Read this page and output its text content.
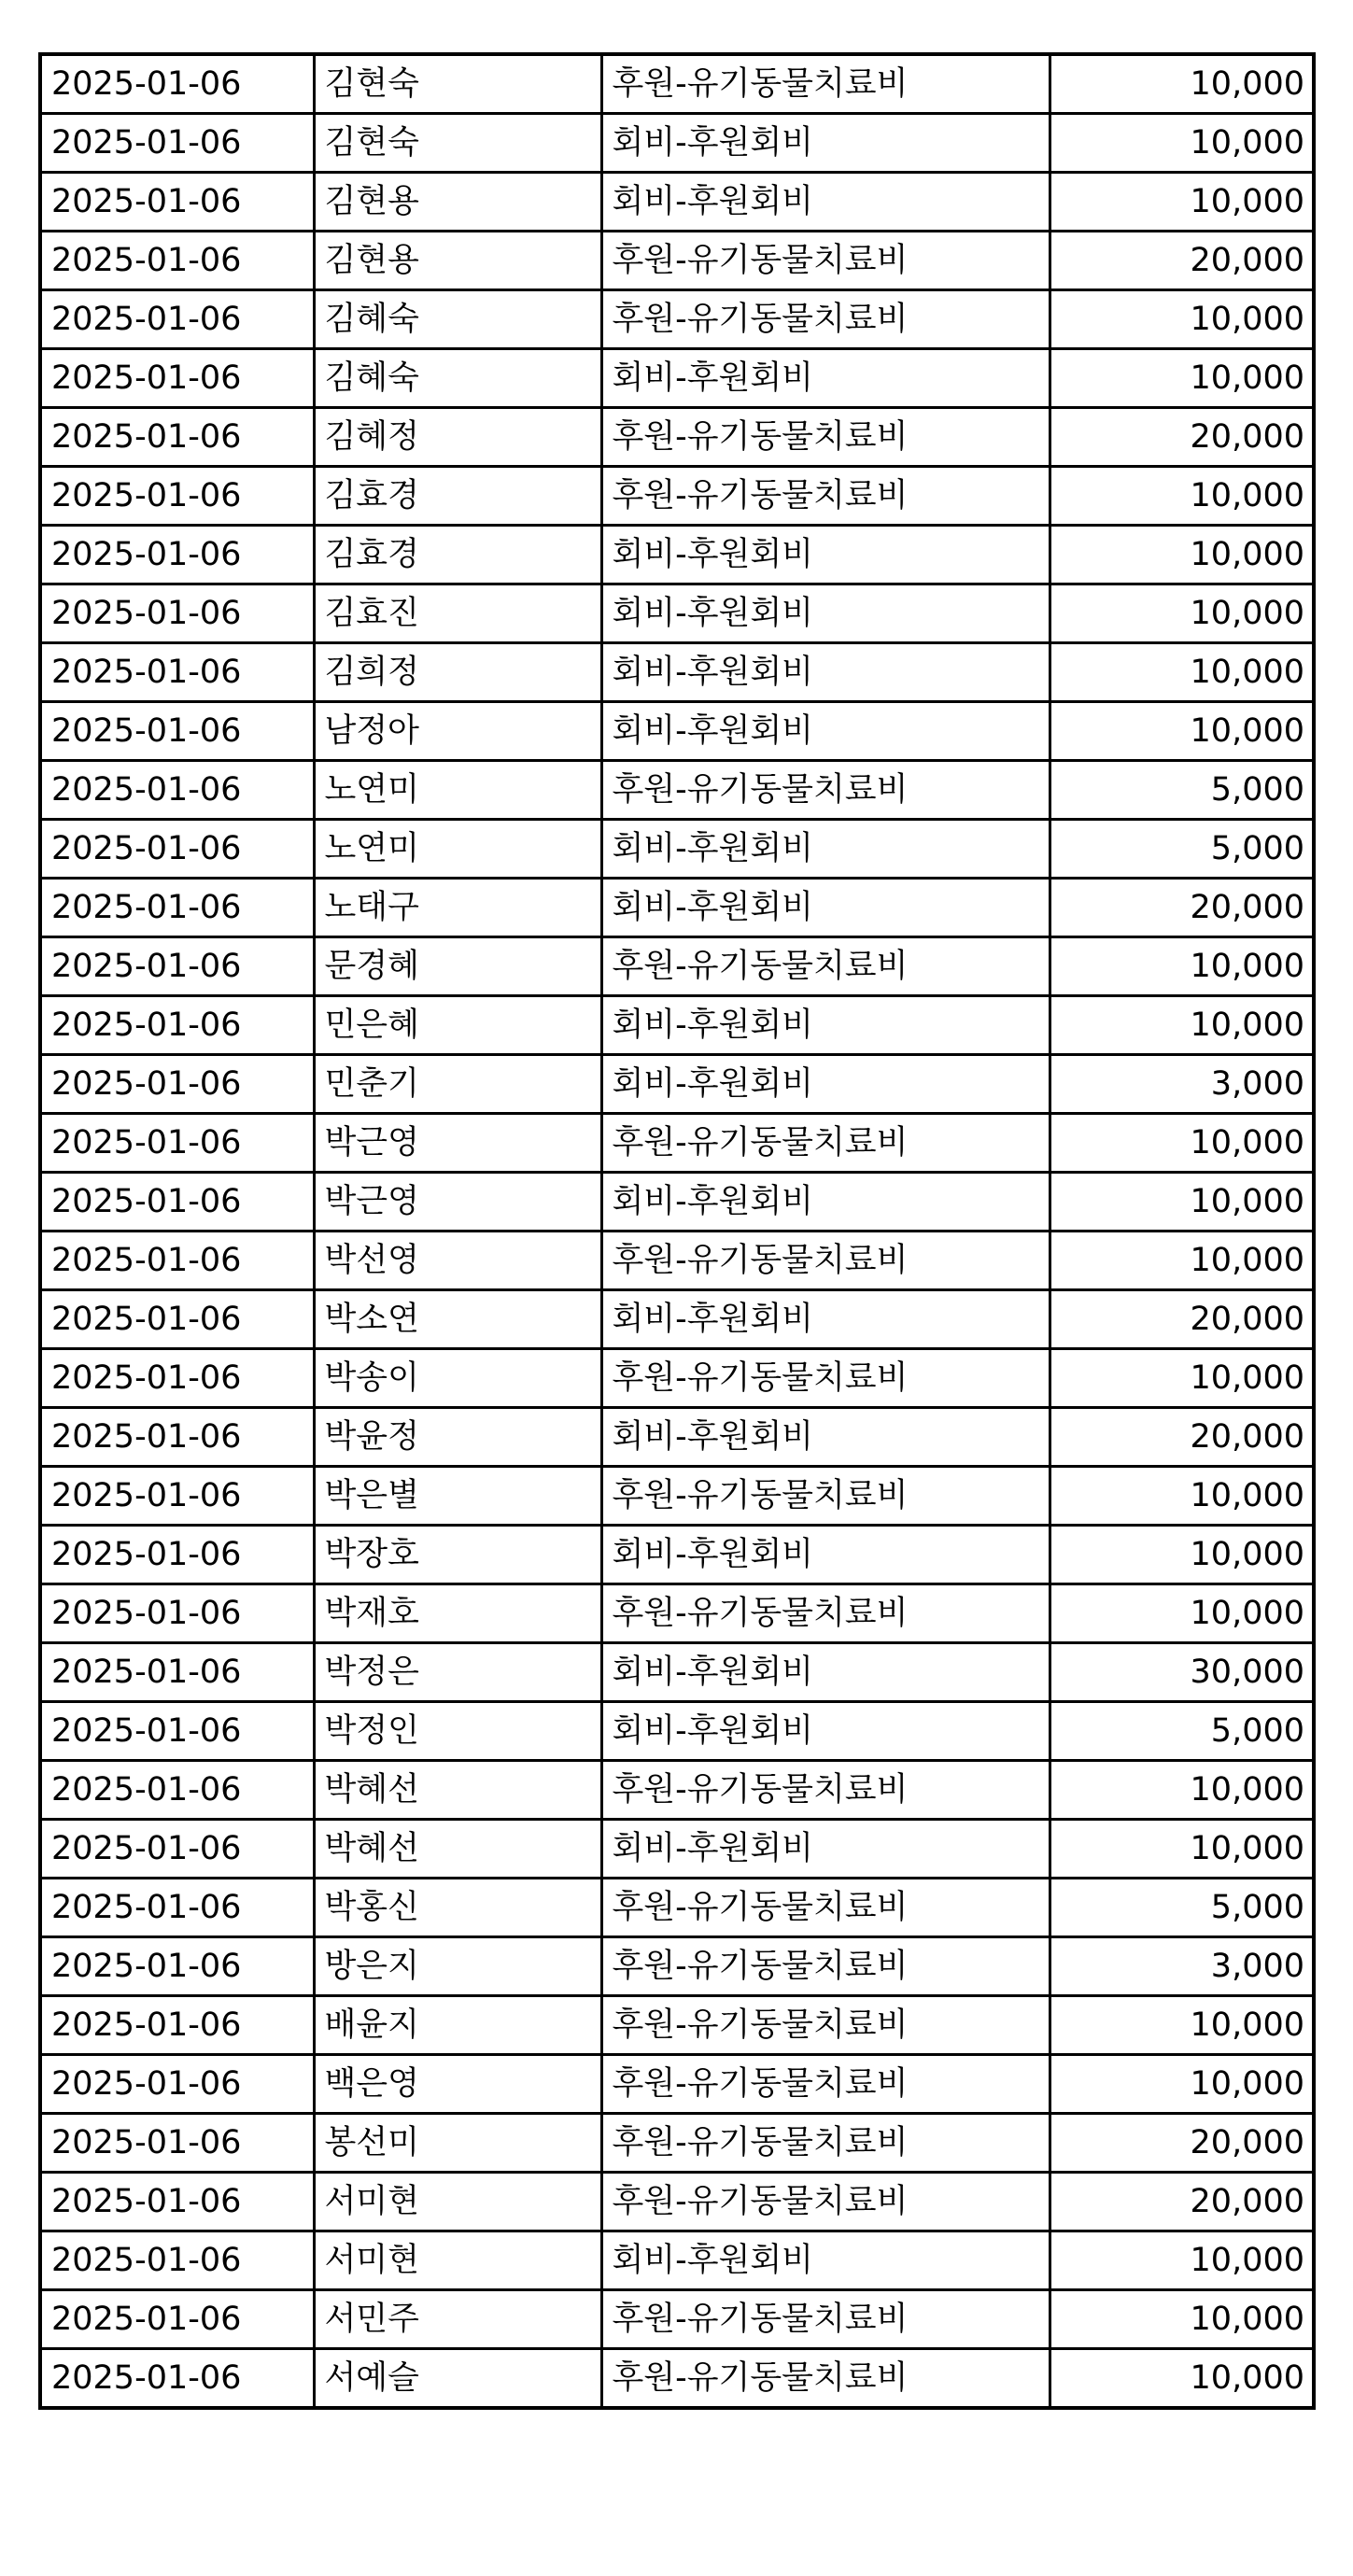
2025-01-06	김현숙	후원-유기동물치료비	10,000
2025-01-06	김현숙	회비-후원회비	10,000
2025-01-06	김현용	회비-후원회비	10,000
2025-01-06	김현용	후원-유기동물치료비	20,000
2025-01-06	김혜숙	후원-유기동물치료비	10,000
2025-01-06	김혜숙	회비-후원회비	10,000
2025-01-06	김혜정	후원-유기동물치료비	20,000
2025-01-06	김효경	후원-유기동물치료비	10,000
2025-01-06	김효경	회비-후원회비	10,000
2025-01-06	김효진	회비-후원회비	10,000
2025-01-06	김희정	회비-후원회비	10,000
2025-01-06	남정아	회비-후원회비	10,000
2025-01-06	노연미	후원-유기동물치료비	5,000
2025-01-06	노연미	회비-후원회비	5,000
2025-01-06	노태구	회비-후원회비	20,000
2025-01-06	문경혜	후원-유기동물치료비	10,000
2025-01-06	민은혜	회비-후원회비	10,000
2025-01-06	민춘기	회비-후원회비	3,000
2025-01-06	박근영	후원-유기동물치료비	10,000
2025-01-06	박근영	회비-후원회비	10,000
2025-01-06	박선영	후원-유기동물치료비	10,000
2025-01-06	박소연	회비-후원회비	20,000
2025-01-06	박송이	후원-유기동물치료비	10,000
2025-01-06	박윤정	회비-후원회비	20,000
2025-01-06	박은별	후원-유기동물치료비	10,000
2025-01-06	박장호	회비-후원회비	10,000
2025-01-06	박재호	후원-유기동물치료비	10,000
2025-01-06	박정은	회비-후원회비	30,000
2025-01-06	박정인	회비-후원회비	5,000
2025-01-06	박혜선	후원-유기동물치료비	10,000
2025-01-06	박혜선	회비-후원회비	10,000
2025-01-06	박홍신	후원-유기동물치료비	5,000
2025-01-06	방은지	후원-유기동물치료비	3,000
2025-01-06	배윤지	후원-유기동물치료비	10,000
2025-01-06	백은영	후원-유기동물치료비	10,000
2025-01-06	봉선미	후원-유기동물치료비	20,000
2025-01-06	서미현	후원-유기동물치료비	20,000
2025-01-06	서미현	회비-후원회비	10,000
2025-01-06	서민주	후원-유기동물치료비	10,000
2025-01-06	서예슬	후원-유기동물치료비	10,000
